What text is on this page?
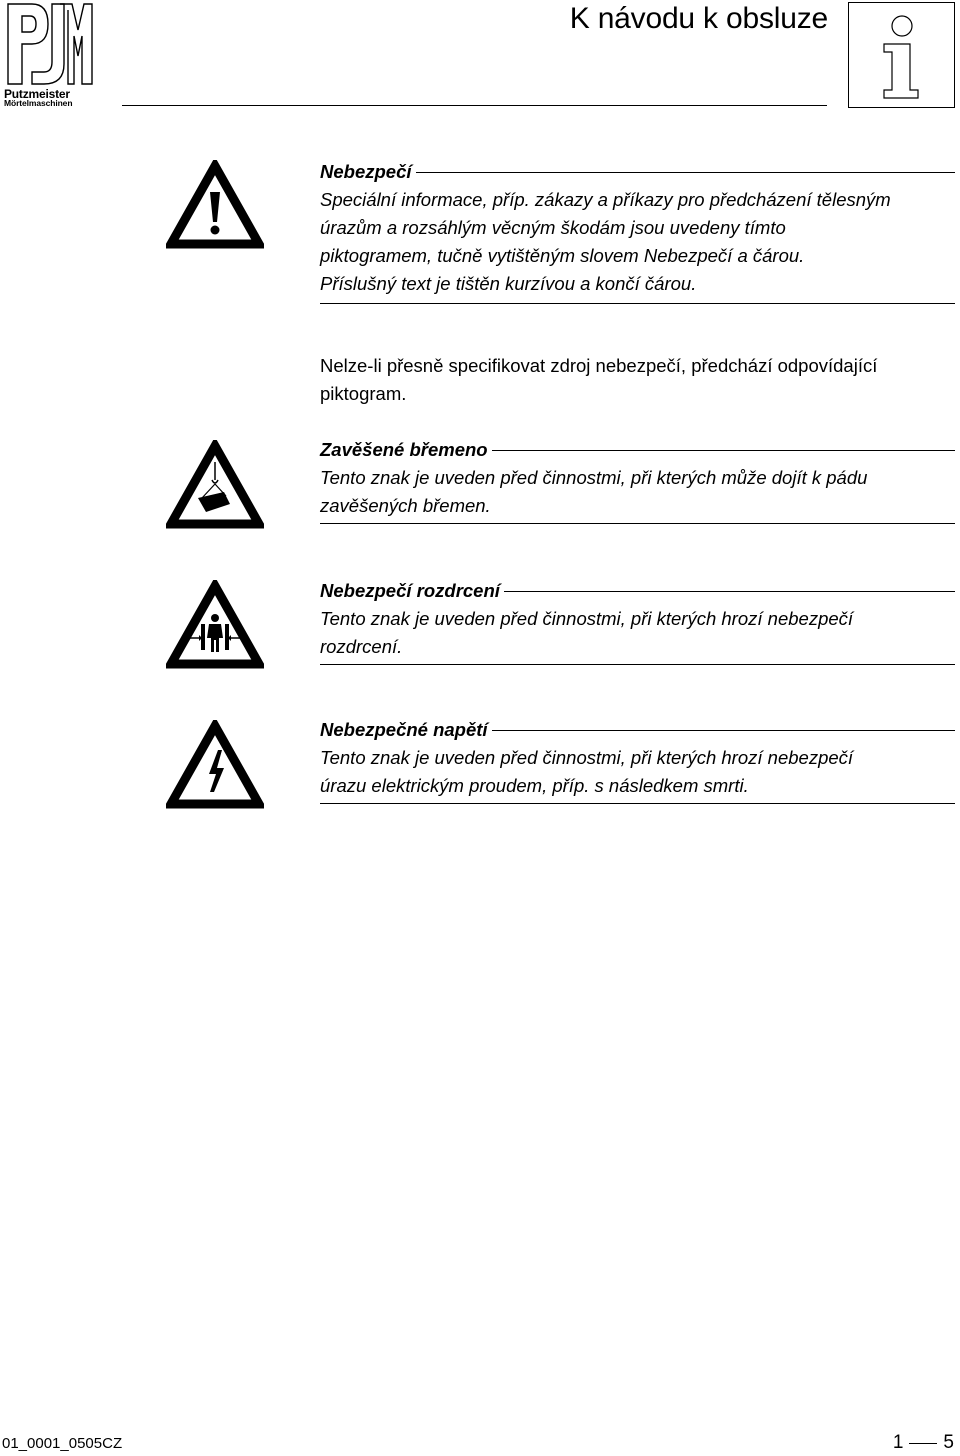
Putzmeister
Mörtelmaschinen
K návodu k obsluze
Nebezpečí

Speciální informace, příp. zákazy a příkazy pro předcházení tělesným

úrazům a rozsáhlým věcným škodám jsou uvedeny tímto

piktogramem, tučně vytištěným slovem Nebezpečí a čárou.

Příslušný text je tištěn kurzívou a končí čárou.

Nelze-li přesně specifikovat zdroj nebezpečí, předchází odpovídající

piktogram.

Zavěšené břemeno

Tento znak je uveden před činnostmi, při kterých může dojít k pádu

zavěšených břemen.

Nebezpečí rozdrcení

Tento znak je uveden před činnostmi, při kterých hrozí nebezpečí

rozdrcení.

Nebezpečné napětí

Tento znak je uveden před činnostmi, při kterých hrozí nebezpečí

úrazu elektrickým proudem, příp. s následkem smrti.

01_0001_0505CZ	1 5
